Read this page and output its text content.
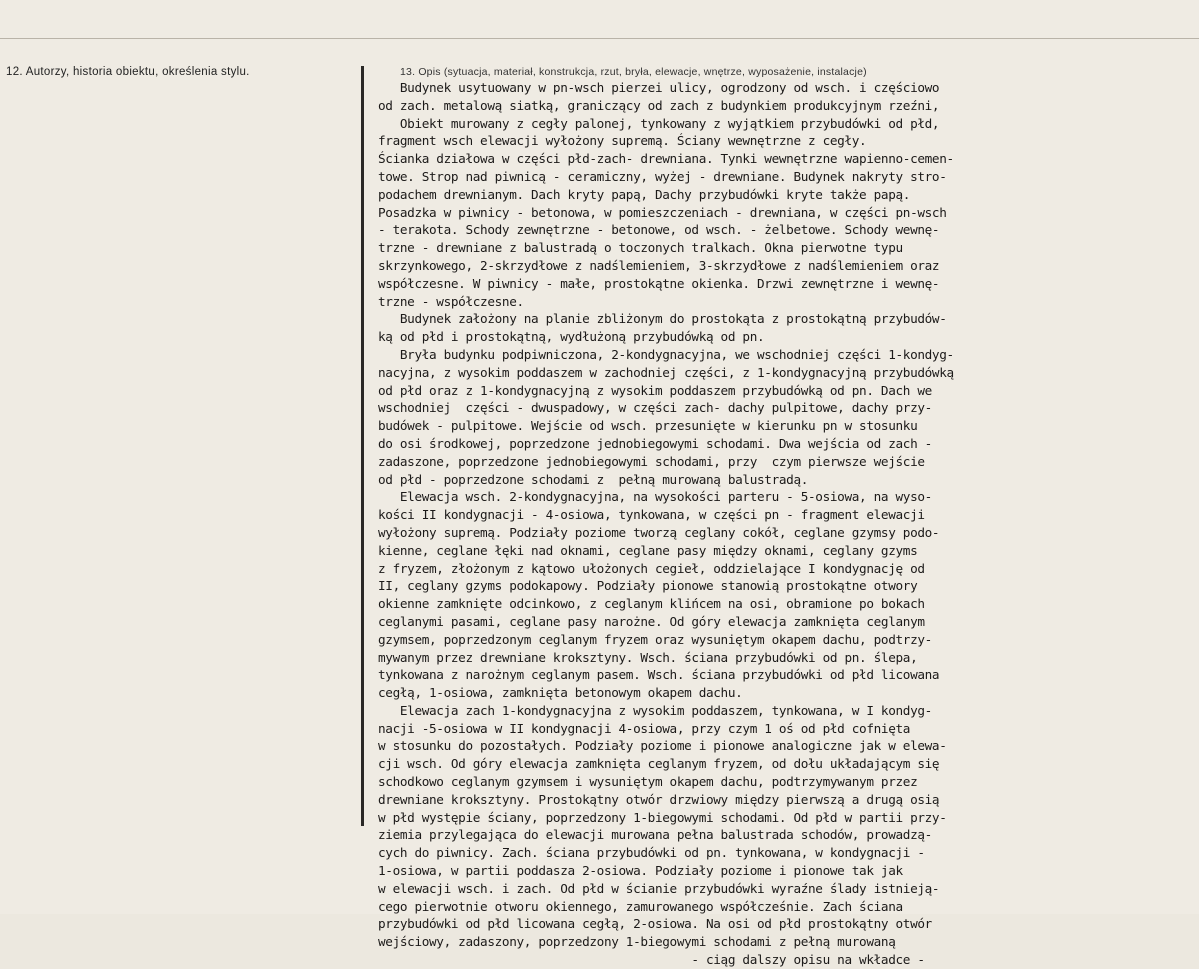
12. Autorzy, historia obiektu, określenia stylu.	13. Opis (sytuacja, materiał, konstrukcja, rzut, bryła, elewacje, wnętrze, wyposażenie, instalacje)
Budynek usytuowany w pn-wsch pierzei ulicy, ogrodzony od wsch. i częściowo
od zach. metalową siatką, graniczący od zach z budynkiem produkcyjnym rzeźni,
Obiekt murowany z cegły palonej, tynkowany z wyjątkiem przybudówki od płd,
fragment wsch elewacji wyłożony supremą. Ściany wewnętrzne z cegły.
Ścianka działowa w części płd-zach- drewniana. Tynki wewnętrzne wapienno-cemen-
towe. Strop nad piwnicą - ceramiczny, wyżej - drewniane. Budynek nakryty stro-
podachem drewnianym. Dach kryty papą, Dachy przybudówki kryte także papą.
Posadzka w piwnicy - betonowa, w pomieszczeniach - drewniana, w części pn-wsch
- terakota. Schody zewnętrzne - betonowe, od wsch. - żelbetowe. Schody wewnę-
trzne - drewniane z balustradą o toczonych tralkach. Okna pierwotne typu
skrzynkowego, 2-skrzydłowe z nadślemieniem, 3-skrzydłowe z nadślemieniem oraz
współczesne. W piwnicy - małe, prostokątne okienka. Drzwi zewnętrzne i wewnę-
trzne - współczesne.
Budynek założony na planie zbliżonym do prostokąta z prostokątną przybudów-
ką od płd i prostokątną, wydłużoną przybudówką od pn.
Bryła budynku podpiwniczona, 2-kondygnacyjna, we wschodniej części 1-kondyg-
nacyjna, z wysokim poddaszem w zachodniej części, z 1-kondygnacyjną przybudówką
od płd oraz z 1-kondygnacyjną z wysokim poddaszem przybudówką od pn. Dach we
wschodniej  części - dwuspadowy, w części zach- dachy pulpitowe, dachy przy-
budówek - pulpitowe. Wejście od wsch. przesunięte w kierunku pn w stosunku
do osi środkowej, poprzedzone jednobiegowymi schodami. Dwa wejścia od zach -
zadaszone, poprzedzone jednobiegowymi schodami, przy  czym pierwsze wejście
od płd - poprzedzone schodami z  pełną murowaną balustradą.
Elewacja wsch. 2-kondygnacyjna, na wysokości parteru - 5-osiowa, na wyso-
kości II kondygnacji - 4-osiowa, tynkowana, w części pn - fragment elewacji
wyłożony supremą. Podziały poziome tworzą ceglany cokół, ceglane gzymsy podo-
kienne, ceglane łęki nad oknami, ceglane pasy między oknami, ceglany gzyms
z fryzem, złożonym z kątowo ułożonych cegieł, oddzielające I kondygnację od
II, ceglany gzyms podokapowy. Podziały pionowe stanowią prostokątne otwory
okienne zamknięte odcinkowo, z ceglanym klińcem na osi, obramione po bokach
ceglanymi pasami, ceglane pasy narożne. Od góry elewacja zamknięta ceglanym
gzymsem, poprzedzonym ceglanym fryzem oraz wysuniętym okapem dachu, podtrzy-
mywanym przez drewniane kroksztyny. Wsch. ściana przybudówki od pn. ślepa,
tynkowana z narożnym ceglanym pasem. Wsch. ściana przybudówki od płd licowana
cegłą, 1-osiowa, zamknięta betonowym okapem dachu.
Elewacja zach 1-kondygnacyjna z wysokim poddaszem, tynkowana, w I kondyg-
nacji -5-osiowa w II kondygnacji 4-osiowa, przy czym 1 oś od płd cofnięta
w stosunku do pozostałych. Podziały poziome i pionowe analogiczne jak w elewa-
cji wsch. Od góry elewacja zamknięta ceglanym fryzem, od dołu układającym się
schodkowo ceglanym gzymsem i wysuniętym okapem dachu, podtrzymywanym przez
drewniane kroksztyny. Prostokątny otwór drzwiowy między pierwszą a drugą osią
w płd występie ściany, poprzedzony 1-biegowymi schodami. Od płd w partii przy-
ziemia przylegająca do elewacji murowana pełna balustrada schodów, prowadzą-
cych do piwnicy. Zach. ściana przybudówki od pn. tynkowana, w kondygnacji -
1-osiowa, w partii poddasza 2-osiowa. Podziały poziome i pionowe tak jak
w elewacji wsch. i zach. Od płd w ścianie przybudówki wyraźne ślady istnieją-
cego pierwotnie otworu okiennego, zamurowanego współcześnie. Zach ściana
przybudówki od płd licowana cegłą, 2-osiowa. Na osi od płd prostokątny otwór
wejściowy, zadaszony, poprzedzony 1-biegowymi schodami z pełną murowaną
- ciąg dalszy opisu na wkładce -
